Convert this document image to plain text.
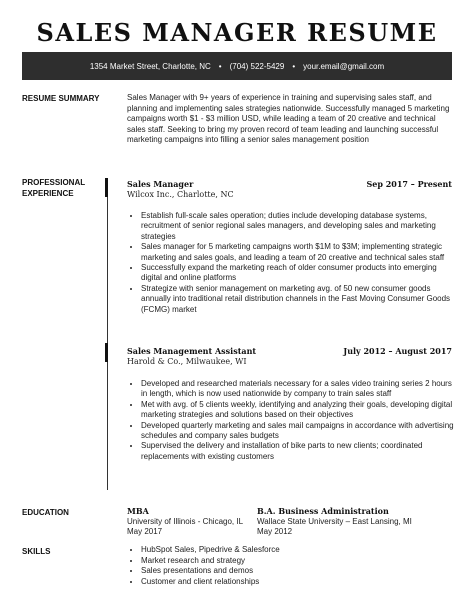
SALES MANAGER RESUME
1354 Market Street, Charlotte, NC • (704) 522-5429 • your.email@gmail.com
RESUME SUMMARY	Sales Manager with 9+ years of experience in training and supervising sales staff, and planning and implementing sales strategies nationwide. Successfully managed 5 marketing campaigns worth $1 - $3 million USD, while leading a team of 20 creative and technical sales staff. Seeking to bring my proven record of team leading and launching successful marketing campaigns into filling a senior sales management position
PROFESSIONAL
EXPERIENCE
Sales Manager	Sep 2017 – Present
Wilcox Inc., Charlotte, NC
• Establish full-scale sales operation; duties include developing database systems, recruitment of senior regional sales managers, and developing sales and marketing strategies
• Sales manager for 5 marketing campaigns worth $1M to $3M; implementing strategic marketing and sales goals, and leading a team of 20 creative and technical sales staff
• Successfully expand the marketing reach of older consumer products into emerging digital and online platforms
• Strategize with senior management on marketing avg. of 50 new consumer goods annually into traditional retail distribution channels in the Fast Moving Consumer Goods (FCMG) market
Sales Management Assistant	July 2012 – August 2017
Harold & Co., Milwaukee, WI
• Developed and researched materials necessary for a sales video training series 2 hours in length, which is now used nationwide by company to train sales staff
• Met with avg. of 5 clients weekly, identifying and analyzing their goals, developing digital marketing strategies and solutions based on their objectives
• Developed quarterly marketing and sales mail campaigns in accordance with advertising schedules and company sales budgets
• Supervised the delivery and installation of bike parts to new clients; coordinated replacements with existing customers
EDUCATION	MBA
University of Illinois - Chicago, IL
May 2017
B.A. Business Administration
Wallace State University – East Lansing, MI
May 2012
SKILLS
•	HubSpot Sales, Pipedrive & Salesforce
• Market research and strategy
• Sales presentations and demos
• Customer and client relationships
